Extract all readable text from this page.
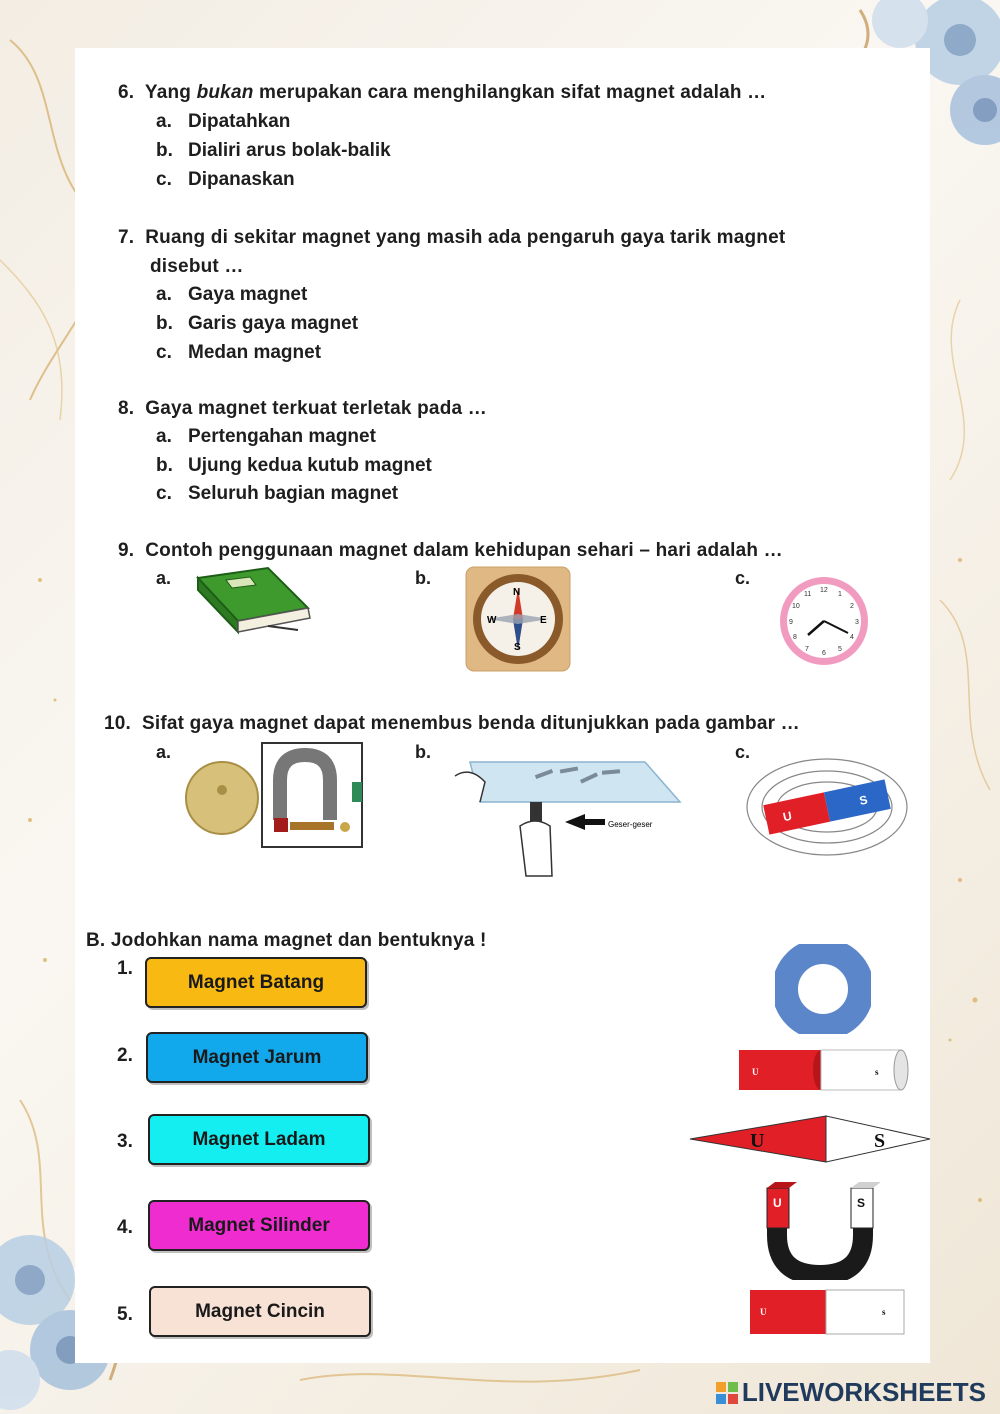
6. Yang bukan merupakan cara menghilangkan sifat magnet adalah …
a. Dipatahkan
b. Dialiri arus bolak-balik
c. Dipanaskan
7. Ruang di sekitar magnet yang masih ada pengaruh gaya tarik magnet
disebut …
a. Gaya magnet
b. Garis gaya magnet
c. Medan magnet
8. Gaya magnet terkuat terletak pada …
a. Pertengahan magnet
b. Ujung kedua kutub magnet
c. Seluruh bagian magnet
9. Contoh penggunaan magnet dalam kehidupan sehari – hari adalah …
a.	b.	c.
N
S
E
W
12
11	1
2
3
4
5
6
7
8
9
10
10. Sifat gaya magnet dapat menembus benda ditunjukkan pada gambar …
a.	b.	c.
Geser-geser
U
S
B. Jodohkan nama magnet dan bentuknya !
1.
Magnet Batang
2.	Magnet Jarum
3.	Magnet Ladam
4.	Magnet Silinder
5.	Magnet Cincin
U	s
U	S
U	S
U	s
LIVEWORKSHEETS
